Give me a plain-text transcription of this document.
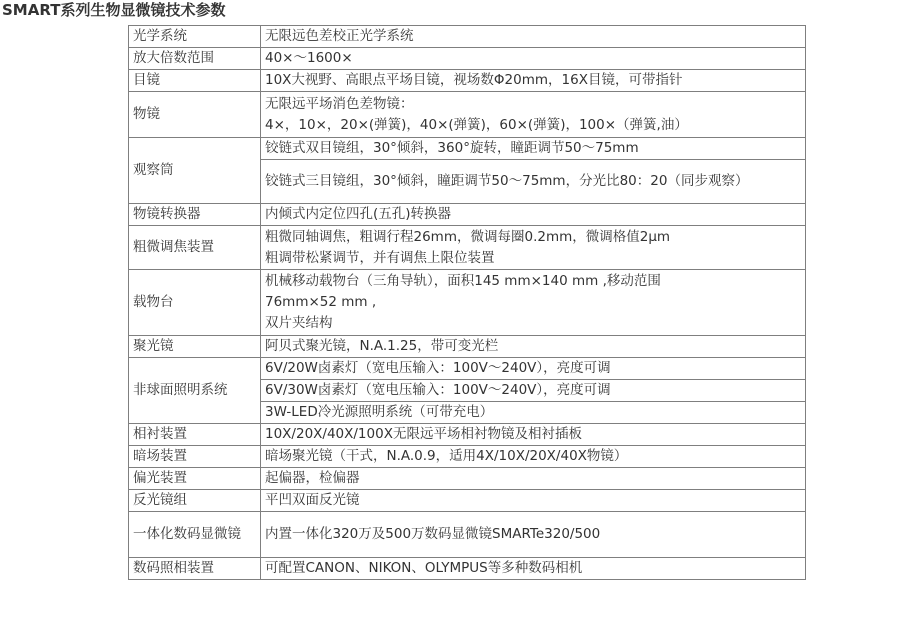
SMART系列生物显微镜技术参数
光学系统	无限远色差校正光学系统
放大倍数范围	40×～1600×
目镜	10X大视野、高眼点平场目镜，视场数Φ20mm，16X目镜，可带指针
物镜	无限远平场消色差物镜：
4×，10×，20×(弹簧)，40×(弹簧)，60×(弹簧)，100×（弹簧,油）

观察筒	铰链式双目镜组，30°倾斜，360°旋转，瞳距调节50～75mm

	铰链式三目镜组，30°倾斜，瞳距调节50～75mm，分光比80：20（同步观察）

物镜转换器	内倾式内定位四孔(五孔)转换器
粗微调焦装置	粗微同轴调焦，粗调行程26mm，微调每圈0.2mm，微调格值2μm
粗调带松紧调节，并有调焦上限位装置

载物台	机械移动载物台（三角导轨），面积145 mm×140 mm ,移动范围76mm×52 mm ,
双片夹结构

聚光镜	阿贝式聚光镜，N.A.1.25，带可变光栏
非球面照明系统	6V/20W卤素灯（宽电压输入：100V～240V），亮度可调
	6V/30W卤素灯（宽电压输入：100V～240V），亮度可调
	3W-LED冷光源照明系统（可带充电）
相衬装置	10X/20X/40X/100X无限远平场相衬物镜及相衬插板
暗场装置	暗场聚光镜（干式，N.A.0.9，适用4X/10X/20X/40X物镜）
偏光装置	起偏器，检偏器
反光镜组	平凹双面反光镜

一体化数码显微镜	内置一体化320万及500万数码显微镜SMARTe320/500
数码照相装置	可配置CANON、NIKON、OLYMPUS等多种数码相机
